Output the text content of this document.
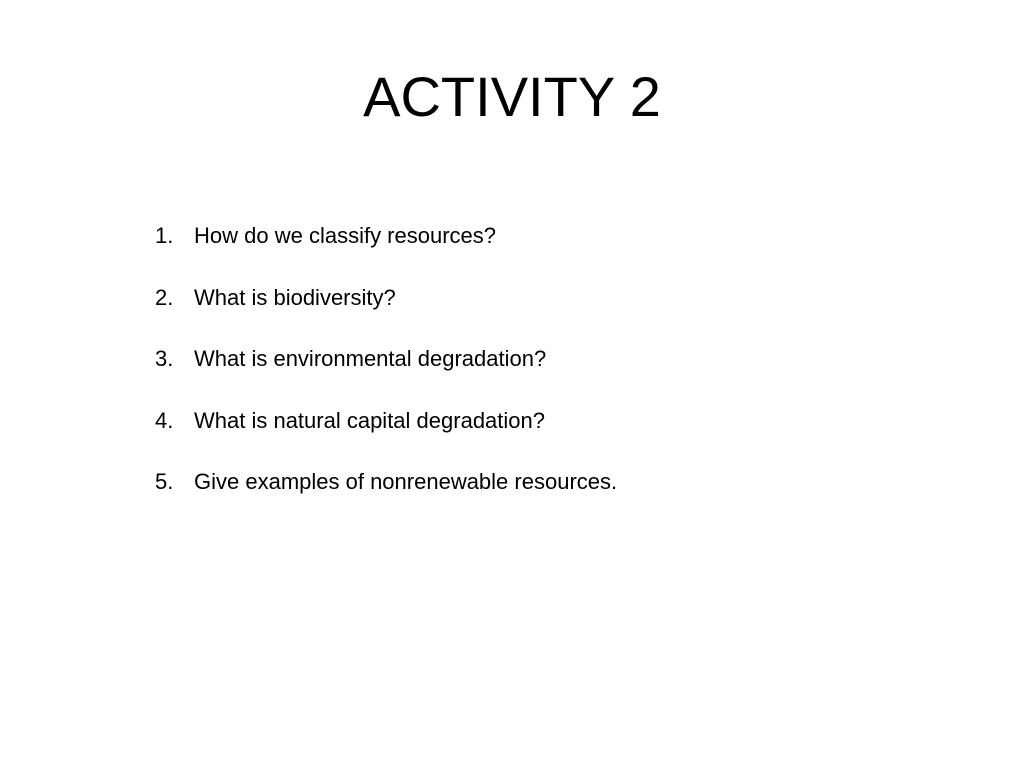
ACTIVITY 2
1. How do we classify resources?
2. What is biodiversity?
3. What is environmental degradation?
4. What is natural capital degradation?
5. Give examples of nonrenewable resources.
